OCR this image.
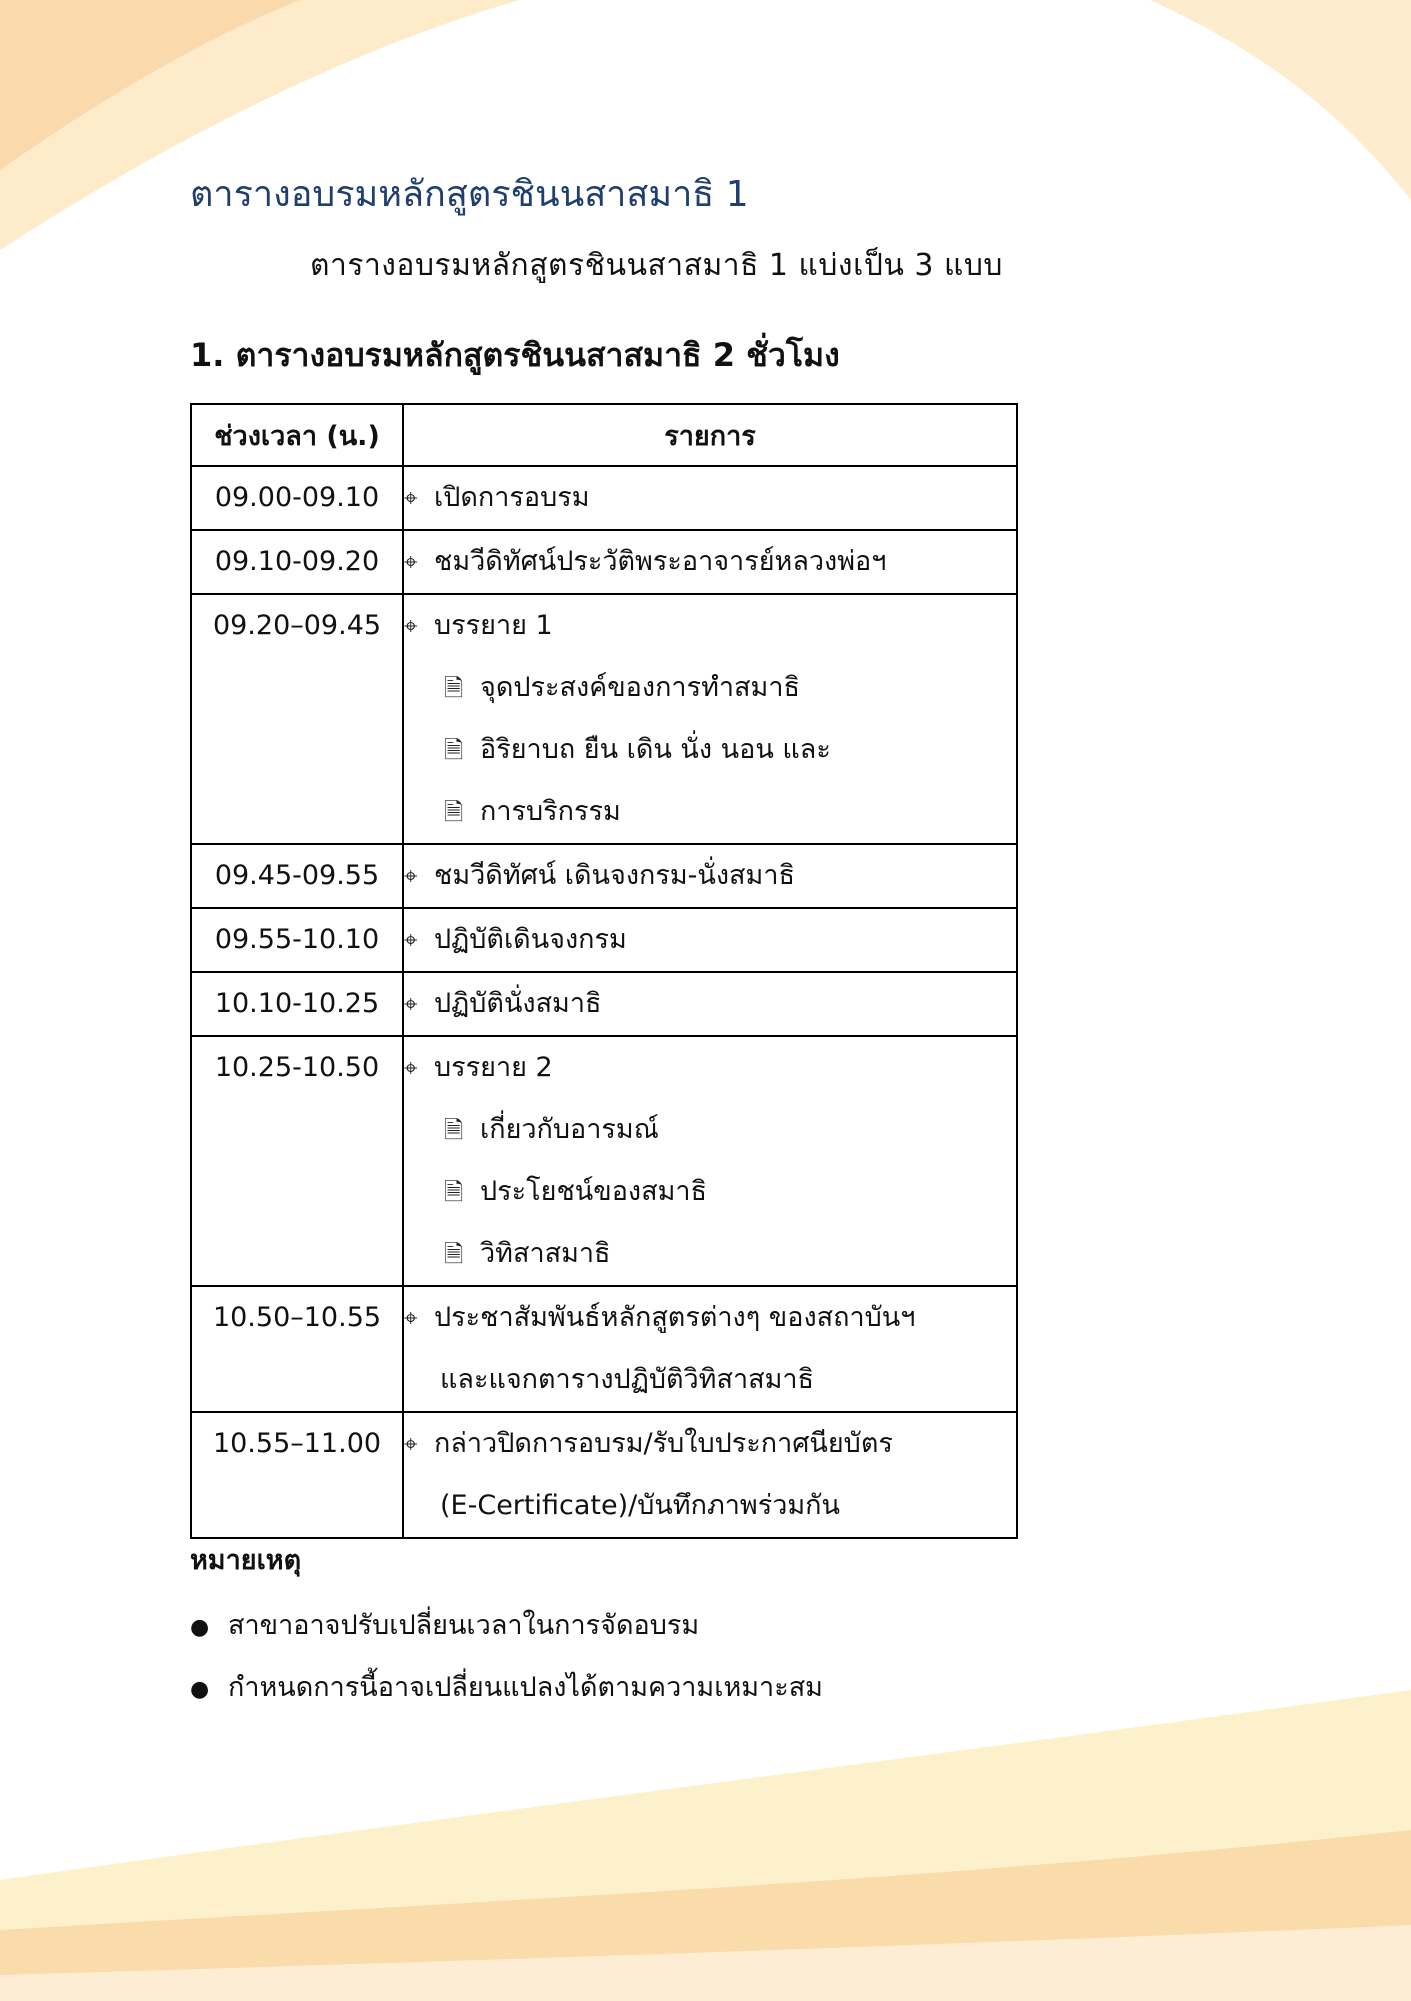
ตารางอบรมหลักสูตรชินนสาสมาธิ 1

ตารางอบรมหลักสูตรชินนสาสมาธิ 1 แบ่งเป็น 3 แบบ

1. ตารางอบรมหลักสูตรชินนสาสมาธิ 2 ชั่วโมง
ช่วงเวลา (น.)	รายการ
09.00-09.10	⌖ เปิดการอบรม

09.10-09.20	⌖ ชมวีดิทัศน์ประวัติพระอาจารย์หลวงพ่อฯ

09.20–09.45	⌖ บรรยาย 1
🗎 จุดประสงค์ของการทำสมาธิ
🗎 อิริยาบถ ยืน เดิน นั่ง นอน และ
🗎 การบริกรรม

09.45-09.55	⌖ ชมวีดิทัศน์ เดินจงกรม-นั่งสมาธิ

09.55-10.10	⌖ ปฏิบัติเดินจงกรม

10.10-10.25	⌖ ปฏิบัตินั่งสมาธิ

10.25-10.50	⌖ บรรยาย 2
🗎 เกี่ยวกับอารมณ์
🗎 ประโยชน์ของสมาธิ
🗎 วิทิสาสมาธิ

10.50–10.55	⌖ ประชาสัมพันธ์หลักสูตรต่างๆ ของสถาบันฯ
และแจกตารางปฏิบัติวิทิสาสมาธิ

10.55–11.00	⌖ กล่าวปิดการอบรม/รับใบประกาศนียบัตร
(E-Certificate)/บันทึกภาพร่วมกัน
หมายเหตุ
● สาขาอาจปรับเปลี่ยนเวลาในการจัดอบรม
● กำหนดการนี้อาจเปลี่ยนแปลงได้ตามความเหมาะสม
